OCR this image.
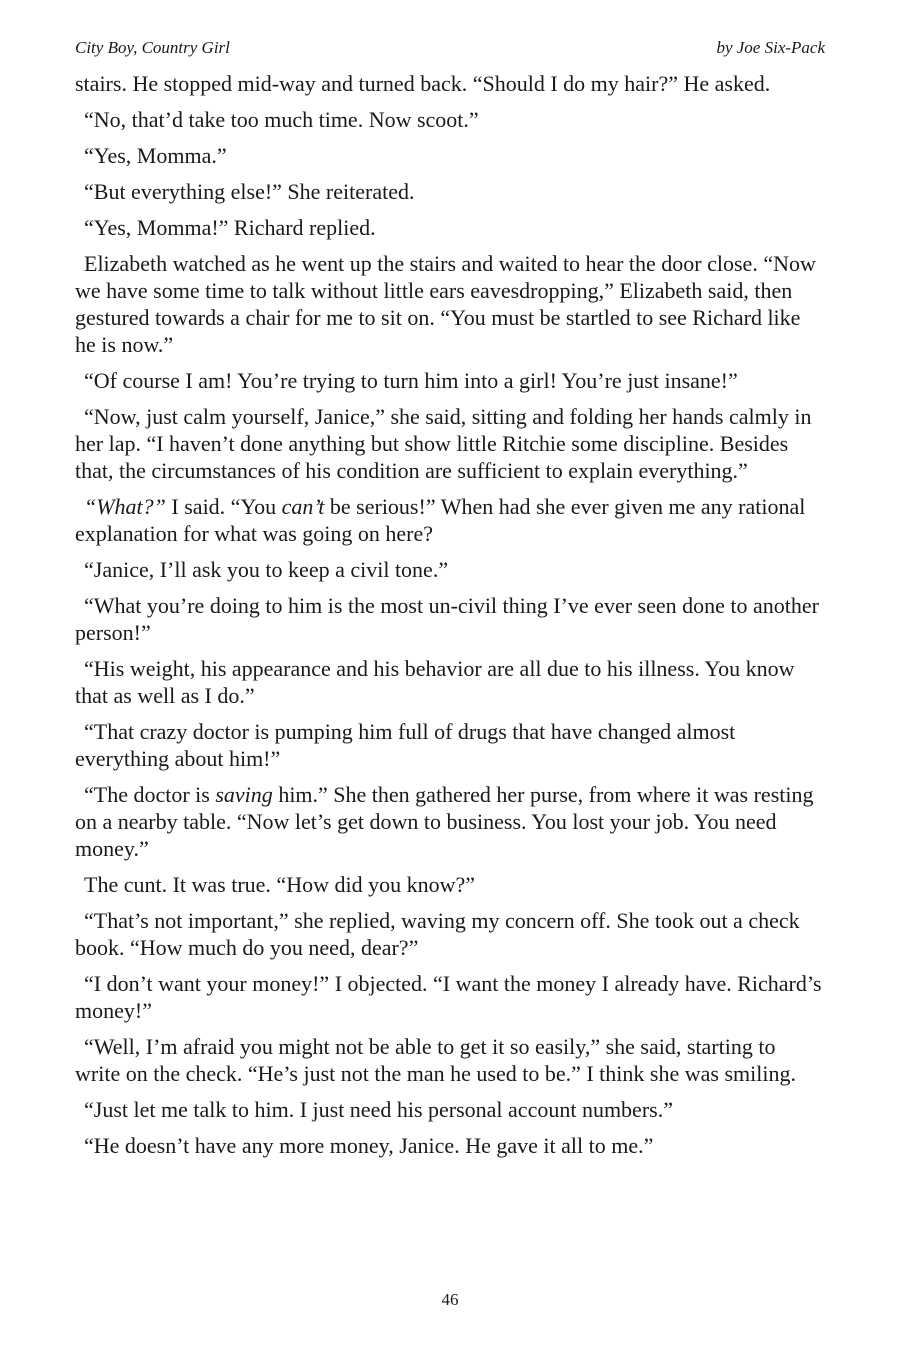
City Boy, Country Girl	by Joe Six-Pack

stairs. He stopped mid-way and turned back. “Should I do my hair?” He asked.

“No, that’d take too much time. Now scoot.”

“Yes, Momma.”

“But everything else!” She reiterated.

“Yes, Momma!” Richard replied.

Elizabeth watched as he went up the stairs and waited to hear the door close. “Now we have some time to talk without little ears eavesdropping,” Elizabeth said, then gestured towards a chair for me to sit on. “You must be startled to see Richard like he is now.”

“Of course I am! You’re trying to turn him into a girl! You’re just insane!”

“Now, just calm yourself, Janice,” she said, sitting and folding her hands calmly in her lap. “I haven’t done anything but show little Ritchie some discipline. Besides that, the circumstances of his condition are sufficient to explain everything.”

“What?” I said. “You can’t be serious!” When had she ever given me any rational explanation for what was going on here?

“Janice, I’ll ask you to keep a civil tone.”

“What you’re doing to him is the most un-civil thing I’ve ever seen done to another person!”

“His weight, his appearance and his behavior are all due to his illness. You know that as well as I do.”

“That crazy doctor is pumping him full of drugs that have changed almost everything about him!”

“The doctor is saving him.” She then gathered her purse, from where it was resting on a nearby table. “Now let’s get down to business. You lost your job. You need money.”

The cunt. It was true. “How did you know?”

“That’s not important,” she replied, waving my concern off. She took out a check book. “How much do you need, dear?”

“I don’t want your money!” I objected. “I want the money I already have. Richard’s money!”

“Well, I’m afraid you might not be able to get it so easily,” she said, starting to write on the check. “He’s just not the man he used to be.” I think she was smiling.

“Just let me talk to him. I just need his personal account numbers.”

“He doesn’t have any more money, Janice. He gave it all to me.”

46
